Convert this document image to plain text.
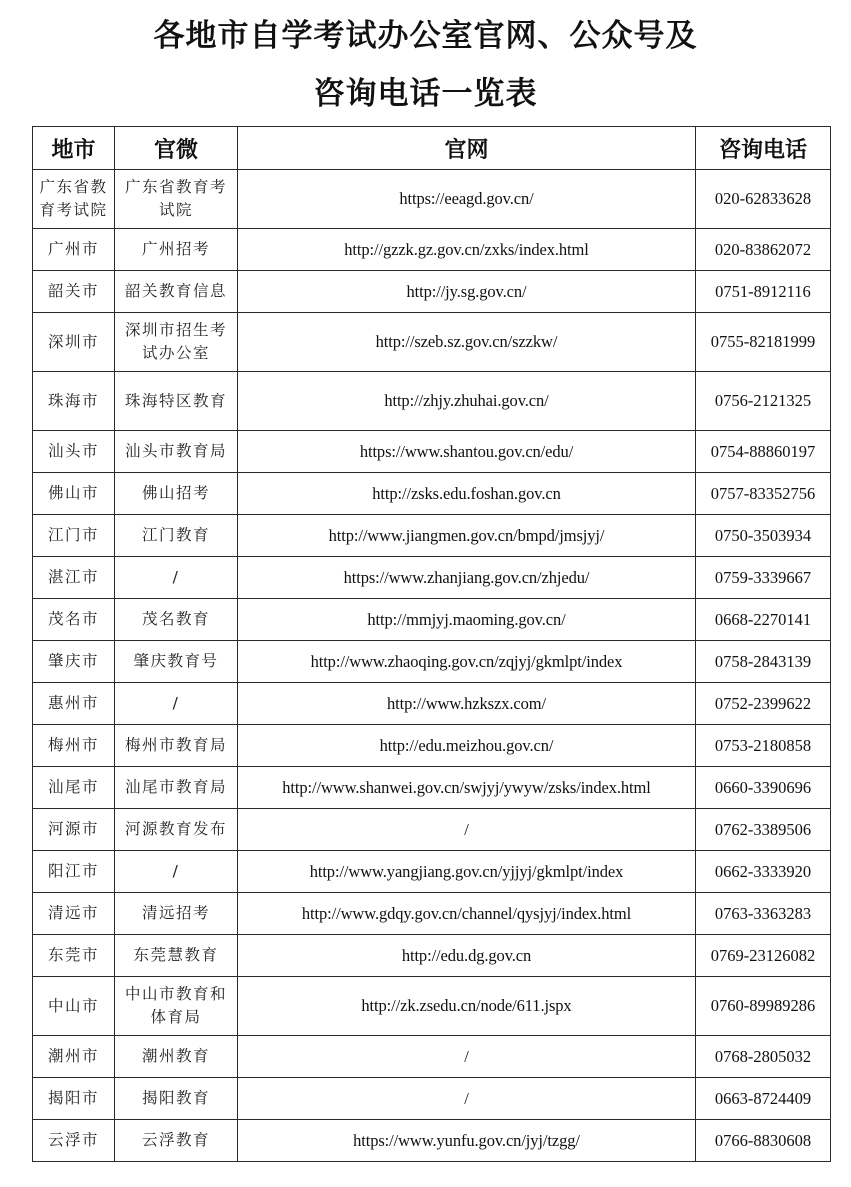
各地市自学考试办公室官网、公众号及
咨询电话一览表
地市	官微	官网	咨询电话
广东省教育考试院	广东省教育考试院	https://eeagd.gov.cn/	020-62833628
广州市	广州招考	http://gzzk.gz.gov.cn/zxks/index.html	020-83862072
韶关市	韶关教育信息	http://jy.sg.gov.cn/	0751-8912116
深圳市	深圳市招生考试办公室	http://szeb.sz.gov.cn/szzkw/	0755-82181999
珠海市	珠海特区教育	http://zhjy.zhuhai.gov.cn/	0756-2121325
汕头市	汕头市教育局	https://www.shantou.gov.cn/edu/	0754-88860197
佛山市	佛山招考	http://zsks.edu.foshan.gov.cn	0757-83352756
江门市	江门教育	http://www.jiangmen.gov.cn/bmpd/jmsjyj/	0750-3503934
湛江市	/	https://www.zhanjiang.gov.cn/zhjedu/	0759-3339667
茂名市	茂名教育	http://mmjyj.maoming.gov.cn/	0668-2270141
肇庆市	肇庆教育号	http://www.zhaoqing.gov.cn/zqjyj/gkmlpt/index	0758-2843139
惠州市	/	http://www.hzkszx.com/	0752-2399622
梅州市	梅州市教育局	http://edu.meizhou.gov.cn/	0753-2180858
汕尾市	汕尾市教育局	http://www.shanwei.gov.cn/swjyj/ywyw/zsks/index.html	0660-3390696
河源市	河源教育发布	/	0762-3389506
阳江市	/	http://www.yangjiang.gov.cn/yjjyj/gkmlpt/index	0662-3333920
清远市	清远招考	http://www.gdqy.gov.cn/channel/qysjyj/index.html	0763-3363283
东莞市	东莞慧教育	http://edu.dg.gov.cn	0769-23126082
中山市	中山市教育和体育局	http://zk.zsedu.cn/node/611.jspx	0760-89989286
潮州市	潮州教育	/	0768-2805032
揭阳市	揭阳教育	/	0663-8724409
云浮市	云浮教育	https://www.yunfu.gov.cn/jyj/tzgg/	0766-8830608
